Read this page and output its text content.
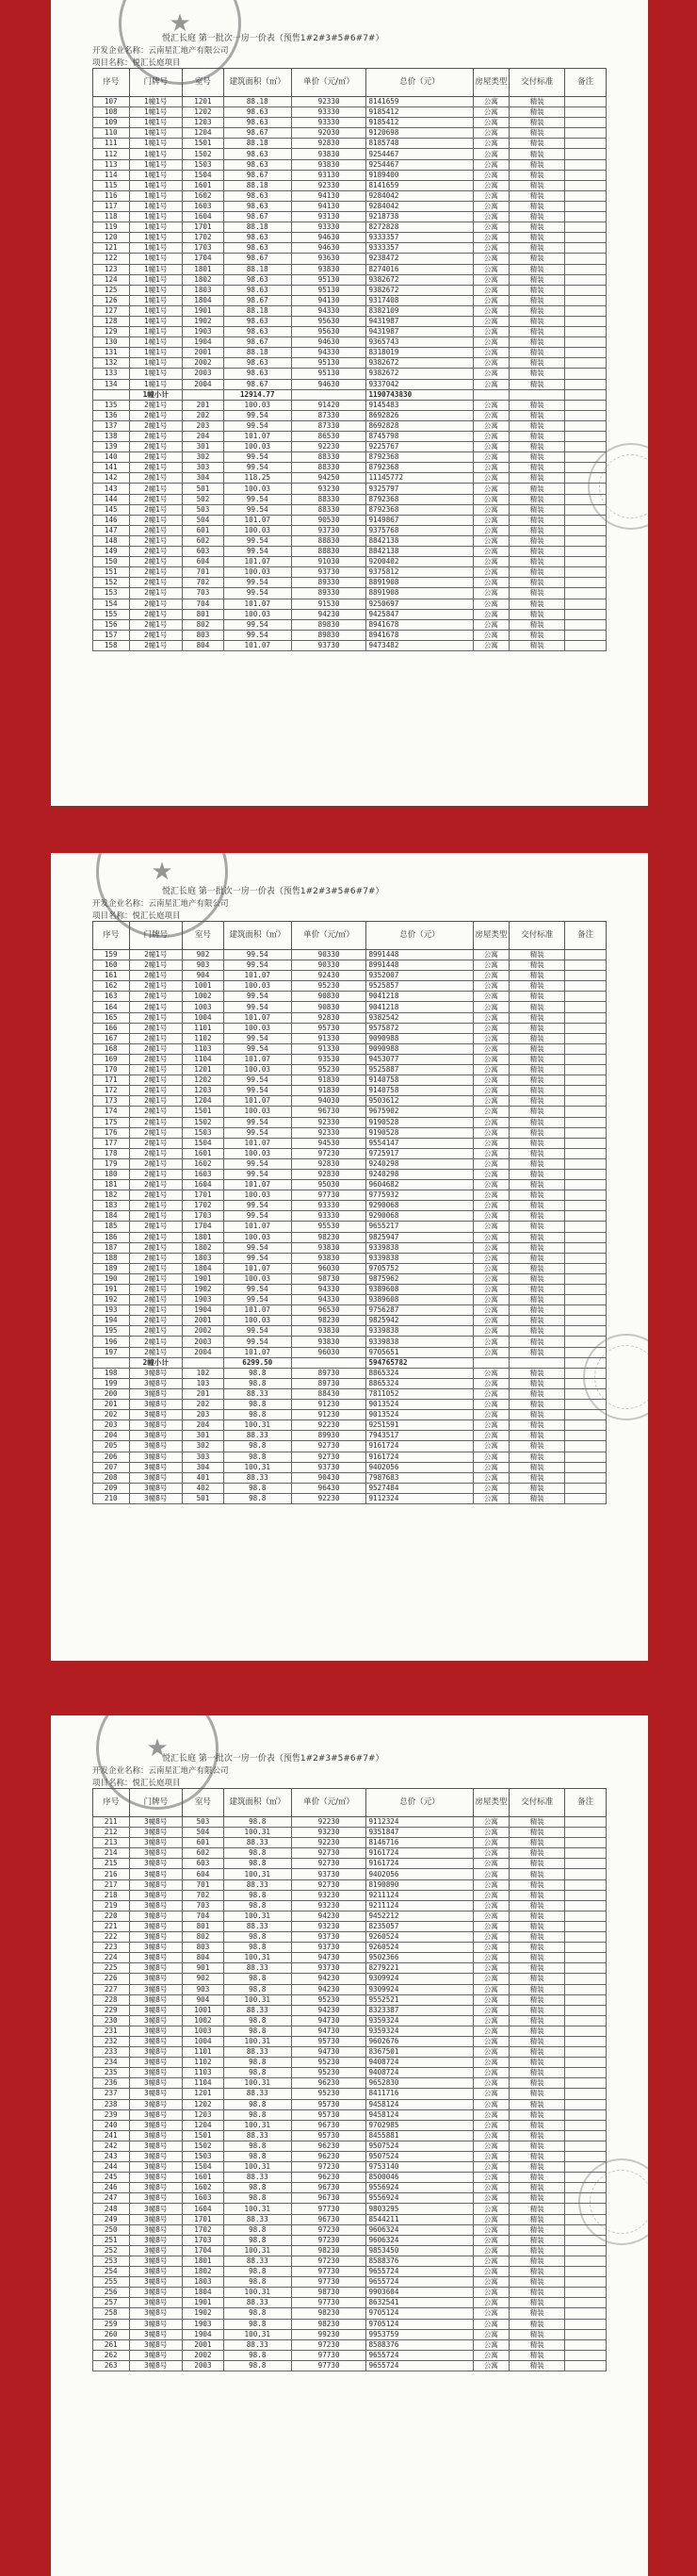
★
悦汇长庭 第一批次一房一价表（预售1#2#3#5#6#7#）
开发企业名称：云南星汇地产有限公司
项目名称：悦汇长庭项目
序号	门牌号	室号	建筑面积（㎡）	单价（元/㎡）	总价（元）	房屋类型	交付标准	备注
107	1幢1号	1201	88.18	92330	8141659	公寓	精装	
108	1幢1号	1202	98.63	93330	9185412	公寓	精装	
109	1幢1号	1203	98.63	93330	9185412	公寓	精装	
110	1幢1号	1204	98.67	92030	9120698	公寓	精装	
111	1幢1号	1501	88.18	92830	8185748	公寓	精装	
112	1幢1号	1502	98.63	93830	9254467	公寓	精装	
113	1幢1号	1503	98.63	93830	9254467	公寓	精装	
114	1幢1号	1504	98.67	93130	9189400	公寓	精装	
115	1幢1号	1601	88.18	92330	8141659	公寓	精装	
116	1幢1号	1602	98.63	94130	9284042	公寓	精装	
117	1幢1号	1603	98.63	94130	9284042	公寓	精装	
118	1幢1号	1604	98.67	93130	9218738	公寓	精装	
119	1幢1号	1701	88.18	93330	8272828	公寓	精装	
120	1幢1号	1702	98.63	94630	9333357	公寓	精装	
121	1幢1号	1703	98.63	94630	9333357	公寓	精装	
122	1幢1号	1704	98.67	93630	9238472	公寓	精装	
123	1幢1号	1801	88.18	93830	8274016	公寓	精装	
124	1幢1号	1802	98.63	95130	9382672	公寓	精装	
125	1幢1号	1803	98.63	95130	9382672	公寓	精装	
126	1幢1号	1804	98.67	94130	9317408	公寓	精装	
127	1幢1号	1901	88.18	94330	8382109	公寓	精装	
128	1幢1号	1902	98.63	95630	9431987	公寓	精装	
129	1幢1号	1903	98.63	95630	9431987	公寓	精装	
130	1幢1号	1904	98.67	94630	9365743	公寓	精装	
131	1幢1号	2001	88.18	94330	8318019	公寓	精装	
132	1幢1号	2002	98.63	95130	9382672	公寓	精装	
133	1幢1号	2003	98.63	95130	9382672	公寓	精装	
134	1幢1号	2004	98.67	94630	9337042	公寓	精装	
	1幢小计		12914.77		1190743830			
135	2幢1号	201	100.03	91420	9145483	公寓	精装	
136	2幢1号	202	99.54	87330	8692826	公寓	精装	
137	2幢1号	203	99.54	87330	8692828	公寓	精装	
138	2幢1号	204	101.07	86530	8745798	公寓	精装	
139	2幢1号	301	100.03	92230	9225767	公寓	精装	
140	2幢1号	302	99.54	88330	8792368	公寓	精装	
141	2幢1号	303	99.54	88330	8792368	公寓	精装	
142	2幢1号	304	118.25	94250	11145772	公寓	精装	
143	2幢1号	501	100.03	93230	9325797	公寓	精装	
144	2幢1号	502	99.54	88330	8792368	公寓	精装	
145	2幢1号	503	99.54	88330	8792368	公寓	精装	
146	2幢1号	504	101.07	90530	9149867	公寓	精装	
147	2幢1号	601	100.03	93730	9375768	公寓	精装	
148	2幢1号	602	99.54	88830	8842138	公寓	精装	
149	2幢1号	603	99.54	88830	8842138	公寓	精装	
150	2幢1号	604	101.07	91030	9200402	公寓	精装	
151	2幢1号	701	100.03	93730	9375812	公寓	精装	
152	2幢1号	702	99.54	89330	8891908	公寓	精装	
153	2幢1号	703	99.54	89330	8891908	公寓	精装	
154	2幢1号	704	101.07	91530	9250697	公寓	精装	
155	2幢1号	801	100.03	94230	9425847	公寓	精装	
156	2幢1号	802	99.54	89830	8941678	公寓	精装	
157	2幢1号	803	99.54	89830	8941678	公寓	精装	
158	2幢1号	804	101.07	93730	9473482	公寓	精装	
★
悦汇长庭 第一批次一房一价表（预售1#2#3#5#6#7#）
开发企业名称：云南星汇地产有限公司
项目名称：悦汇长庭项目
序号	门牌号	室号	建筑面积（㎡）	单价（元/㎡）	总价（元）	房屋类型	交付标准	备注
159	2幢1号	902	99.54	90330	8991448	公寓	精装	
160	2幢1号	903	99.54	90330	8991448	公寓	精装	
161	2幢1号	904	101.07	92430	9352007	公寓	精装	
162	2幢1号	1001	100.03	95230	9525857	公寓	精装	
163	2幢1号	1002	99.54	90830	9041218	公寓	精装	
164	2幢1号	1003	99.54	90830	9041218	公寓	精装	
165	2幢1号	1004	101.07	92830	9382542	公寓	精装	
166	2幢1号	1101	100.03	95730	9575872	公寓	精装	
167	2幢1号	1102	99.54	91330	9090988	公寓	精装	
168	2幢1号	1103	99.54	91330	9090988	公寓	精装	
169	2幢1号	1104	101.07	93530	9453077	公寓	精装	
170	2幢1号	1201	100.03	95230	9525887	公寓	精装	
171	2幢1号	1202	99.54	91830	9140758	公寓	精装	
172	2幢1号	1203	99.54	91830	9140758	公寓	精装	
173	2幢1号	1204	101.07	94030	9503612	公寓	精装	
174	2幢1号	1501	100.03	96730	9675902	公寓	精装	
175	2幢1号	1502	99.54	92330	9190528	公寓	精装	
176	2幢1号	1503	99.54	92330	9190528	公寓	精装	
177	2幢1号	1504	101.07	94530	9554147	公寓	精装	
178	2幢1号	1601	100.03	97230	9725917	公寓	精装	
179	2幢1号	1602	99.54	92830	9240298	公寓	精装	
180	2幢1号	1603	99.54	92830	9240298	公寓	精装	
181	2幢1号	1604	101.07	95030	9604682	公寓	精装	
182	2幢1号	1701	100.03	97730	9775932	公寓	精装	
183	2幢1号	1702	99.54	93330	9290068	公寓	精装	
184	2幢1号	1703	99.54	93330	9290068	公寓	精装	
185	2幢1号	1704	101.07	95530	9655217	公寓	精装	
186	2幢1号	1801	100.03	98230	9825947	公寓	精装	
187	2幢1号	1802	99.54	93830	9339838	公寓	精装	
188	2幢1号	1803	99.54	93830	9339838	公寓	精装	
189	2幢1号	1804	101.07	96030	9705752	公寓	精装	
190	2幢1号	1901	100.03	98730	9875962	公寓	精装	
191	2幢1号	1902	99.54	94330	9389608	公寓	精装	
192	2幢1号	1903	99.54	94330	9389608	公寓	精装	
193	2幢1号	1904	101.07	96530	9756287	公寓	精装	
194	2幢1号	2001	100.03	98230	9825942	公寓	精装	
195	2幢1号	2002	99.54	93830	9339838	公寓	精装	
196	2幢1号	2003	99.54	93830	9339838	公寓	精装	
197	2幢1号	2004	101.07	96030	9705651	公寓	精装	
	2幢小计		6299.50		594765782			
198	3幢8号	102	98.8	89730	8865324	公寓	精装	
199	3幢8号	103	98.8	89730	8865324	公寓	精装	
200	3幢8号	201	88.33	88430	7811052	公寓	精装	
201	3幢8号	202	98.8	91230	9013524	公寓	精装	
202	3幢8号	203	98.8	91230	9013524	公寓	精装	
203	3幢8号	204	100.31	92230	9251591	公寓	精装	
204	3幢8号	301	88.33	89930	7943517	公寓	精装	
205	3幢8号	302	98.8	92730	9161724	公寓	精装	
206	3幢8号	303	98.8	92730	9161724	公寓	精装	
207	3幢8号	304	100.31	93730	9402056	公寓	精装	
208	3幢8号	401	88.33	90430	7987683	公寓	精装	
209	3幢8号	402	98.8	96430	9527484	公寓	精装	
210	3幢8号	501	98.8	92230	9112324	公寓	精装	
★
悦汇长庭 第一批次一房一价表（预售1#2#3#5#6#7#）
开发企业名称：云南星汇地产有限公司
项目名称：悦汇长庭项目
序号	门牌号	室号	建筑面积（㎡）	单价（元/㎡）	总价（元）	房屋类型	交付标准	备注
211	3幢8号	503	98.8	92230	9112324	公寓	精装	
212	3幢8号	504	100.31	93230	9351847	公寓	精装	
213	3幢8号	601	88.33	92230	8146716	公寓	精装	
214	3幢8号	602	98.8	92730	9161724	公寓	精装	
215	3幢8号	603	98.8	92730	9161724	公寓	精装	
216	3幢8号	604	100.31	93730	9402056	公寓	精装	
217	3幢8号	701	88.33	92730	8190890	公寓	精装	
218	3幢8号	702	98.8	93230	9211124	公寓	精装	
219	3幢8号	703	98.8	93230	9211124	公寓	精装	
220	3幢8号	704	100.31	94230	9452212	公寓	精装	
221	3幢8号	801	88.33	93230	8235057	公寓	精装	
222	3幢8号	802	98.8	93730	9260524	公寓	精装	
223	3幢8号	803	98.8	93730	9260524	公寓	精装	
224	3幢8号	804	100.31	94730	9502366	公寓	精装	
225	3幢8号	901	88.33	93730	8279221	公寓	精装	
226	3幢8号	902	98.8	94230	9309924	公寓	精装	
227	3幢8号	903	98.8	94230	9309924	公寓	精装	
228	3幢8号	904	100.31	95230	9552521	公寓	精装	
229	3幢8号	1001	88.33	94230	8323387	公寓	精装	
230	3幢8号	1002	98.8	94730	9359324	公寓	精装	
231	3幢8号	1003	98.8	94730	9359324	公寓	精装	
232	3幢8号	1004	100.31	95730	9602676	公寓	精装	
233	3幢8号	1101	88.33	94730	8367501	公寓	精装	
234	3幢8号	1102	98.8	95230	9408724	公寓	精装	
235	3幢8号	1103	98.8	95230	9408724	公寓	精装	
236	3幢8号	1104	100.31	96230	9652830	公寓	精装	
237	3幢8号	1201	88.33	95230	8411716	公寓	精装	
238	3幢8号	1202	98.8	95730	9458124	公寓	精装	
239	3幢8号	1203	98.8	95730	9458124	公寓	精装	
240	3幢8号	1204	100.31	96730	9702985	公寓	精装	
241	3幢8号	1501	88.33	95730	8455881	公寓	精装	
242	3幢8号	1502	98.8	96230	9507524	公寓	精装	
243	3幢8号	1503	98.8	96230	9507524	公寓	精装	
244	3幢8号	1504	100.31	97230	9753140	公寓	精装	
245	3幢8号	1601	88.33	96230	8500046	公寓	精装	
246	3幢8号	1602	98.8	96730	9556924	公寓	精装	
247	3幢8号	1603	98.8	96730	9556924	公寓	精装	
248	3幢8号	1604	100.31	97730	9803295	公寓	精装	
249	3幢8号	1701	88.33	96730	8544211	公寓	精装	
250	3幢8号	1702	98.8	97230	9606324	公寓	精装	
251	3幢8号	1703	98.8	97230	9606324	公寓	精装	
252	3幢8号	1704	100.31	98230	9853450	公寓	精装	
253	3幢8号	1801	88.33	97230	8588376	公寓	精装	
254	3幢8号	1802	98.8	97730	9655724	公寓	精装	
255	3幢8号	1803	98.8	97730	9655724	公寓	精装	
256	3幢8号	1804	100.31	98730	9903604	公寓	精装	
257	3幢8号	1901	88.33	97730	8632541	公寓	精装	
258	3幢8号	1902	98.8	98230	9705124	公寓	精装	
259	3幢8号	1903	98.8	98230	9705124	公寓	精装	
260	3幢8号	1904	100.31	99230	9953759	公寓	精装	
261	3幢8号	2001	88.33	97230	8588376	公寓	精装	
262	3幢8号	2002	98.8	97730	9655724	公寓	精装	
263	3幢8号	2003	98.8	97730	9655724	公寓	精装	
